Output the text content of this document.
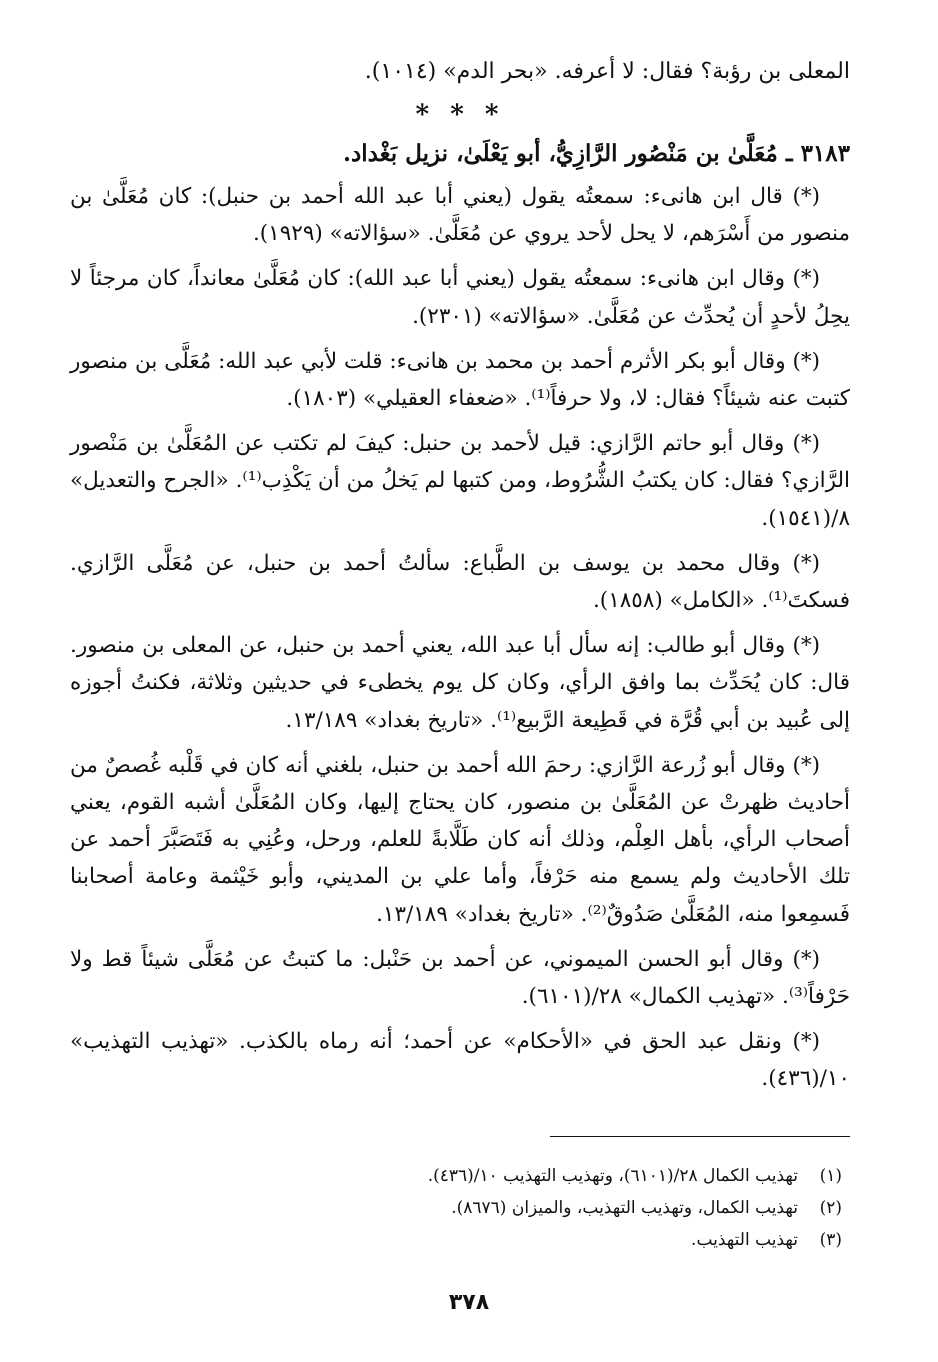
المعلى بن رؤبة؟ فقال: لا أعرفه. «بحر الدم» (١٠١٤).

* * *

٣١٨٣ ـ مُعَلَّىٰ بن مَنْصُور الرَّازِيُّ، أبو يَعْلَىٰ، نزيل بَغْداد.

(*) قال ابن هانىء: سمعتُه يقول (يعني أبا عبد الله أحمد بن حنبل): كان مُعَلَّىٰ بن منصور من أَسْرَهم، لا يحل لأحد يروي عن مُعَلَّىٰ. «سؤالاته» (١٩٢٩).

(*) وقال ابن هانىء: سمعتُه يقول (يعني أبا عبد الله): كان مُعَلَّىٰ معانداً، كان مرجئاً لا يحِلُ لأحدٍ أن يُحدِّث عن مُعَلَّىٰ. «سؤالاته» (٢٣٠١).

(*) وقال أبو بكر الأثرم أحمد بن محمد بن هانىء: قلت لأبي عبد الله: مُعَلَّى بن منصور كتبت عنه شيئاً؟ فقال: لا، ولا حرفاً⁽¹⁾. «ضعفاء العقيلي» (١٨٠٣).

(*) وقال أبو حاتم الرَّازي: قيل لأحمد بن حنبل: كيفَ لم تكتب عن المُعَلَّىٰ بن مَنْصور الرَّازي؟ فقال: كان يكتبُ الشُّرُوط، ومن كتبها لم يَخلُ من أن يَكْذِب⁽¹⁾. «الجرح والتعديل» ٨/(١٥٤١).

(*) وقال محمد بن يوسف بن الطَّباع: سألتُ أحمد بن حنبل، عن مُعَلَّى الرَّازي. فسكتَ⁽¹⁾. «الكامل» (١٨٥٨).

(*) وقال أبو طالب: إنه سأل أبا عبد الله، يعني أحمد بن حنبل، عن المعلى بن منصور. قال: كان يُحَدِّث بما وافق الرأي، وكان كل يوم يخطىء في حديثين وثلاثة، فكنتُ أجوزه إلى عُبيد بن أبي قُرَّة في قَطِيعة الرَّبيع⁽¹⁾. «تاريخ بغداد» ١٣/١٨٩.

(*) وقال أبو زُرعة الرَّازي: رحمَ الله أحمد بن حنبل، بلغني أنه كان في قَلْبه غُصصٌ من أحاديث ظهرتْ عن المُعَلَّىٰ بن منصور، كان يحتاج إليها، وكان المُعَلَّىٰ أشبه القوم، يعني أصحاب الرأي، بأهل العِلْم، وذلك أنه كان طَلَّابةً للعلم، ورحل، وعُنِي به فَتَصَبَّرَ أحمد عن تلك الأحاديث ولم يسمع منه حَرْفاً، وأما علي بن المديني، وأبو خَيْثمة وعامة أصحابنا فَسمِعوا منه، المُعَلَّىٰ صَدُوقٌ⁽²⁾. «تاريخ بغداد» ١٣/١٨٩.

(*) وقال أبو الحسن الميموني، عن أحمد بن حَنْبل: ما كتبتُ عن مُعَلَّى شيئاً قط ولا حَرْفاً⁽³⁾. «تهذيب الكمال» ٢٨/(٦١٠١).

(*) ونقل عبد الحق في «الأحكام» عن أحمد؛ أنه رماه بالكذب. «تهذيب التهذيب» ١٠/(٤٣٦).

(١)
تهذيب الكمال ٢٨/(٦١٠١)، وتهذيب التهذيب ١٠/(٤٣٦).
(٢)
تهذيب الكمال، وتهذيب التهذيب، والميزان (٨٦٧٦).
(٣)
تهذيب التهذيب.
٣٧٨
